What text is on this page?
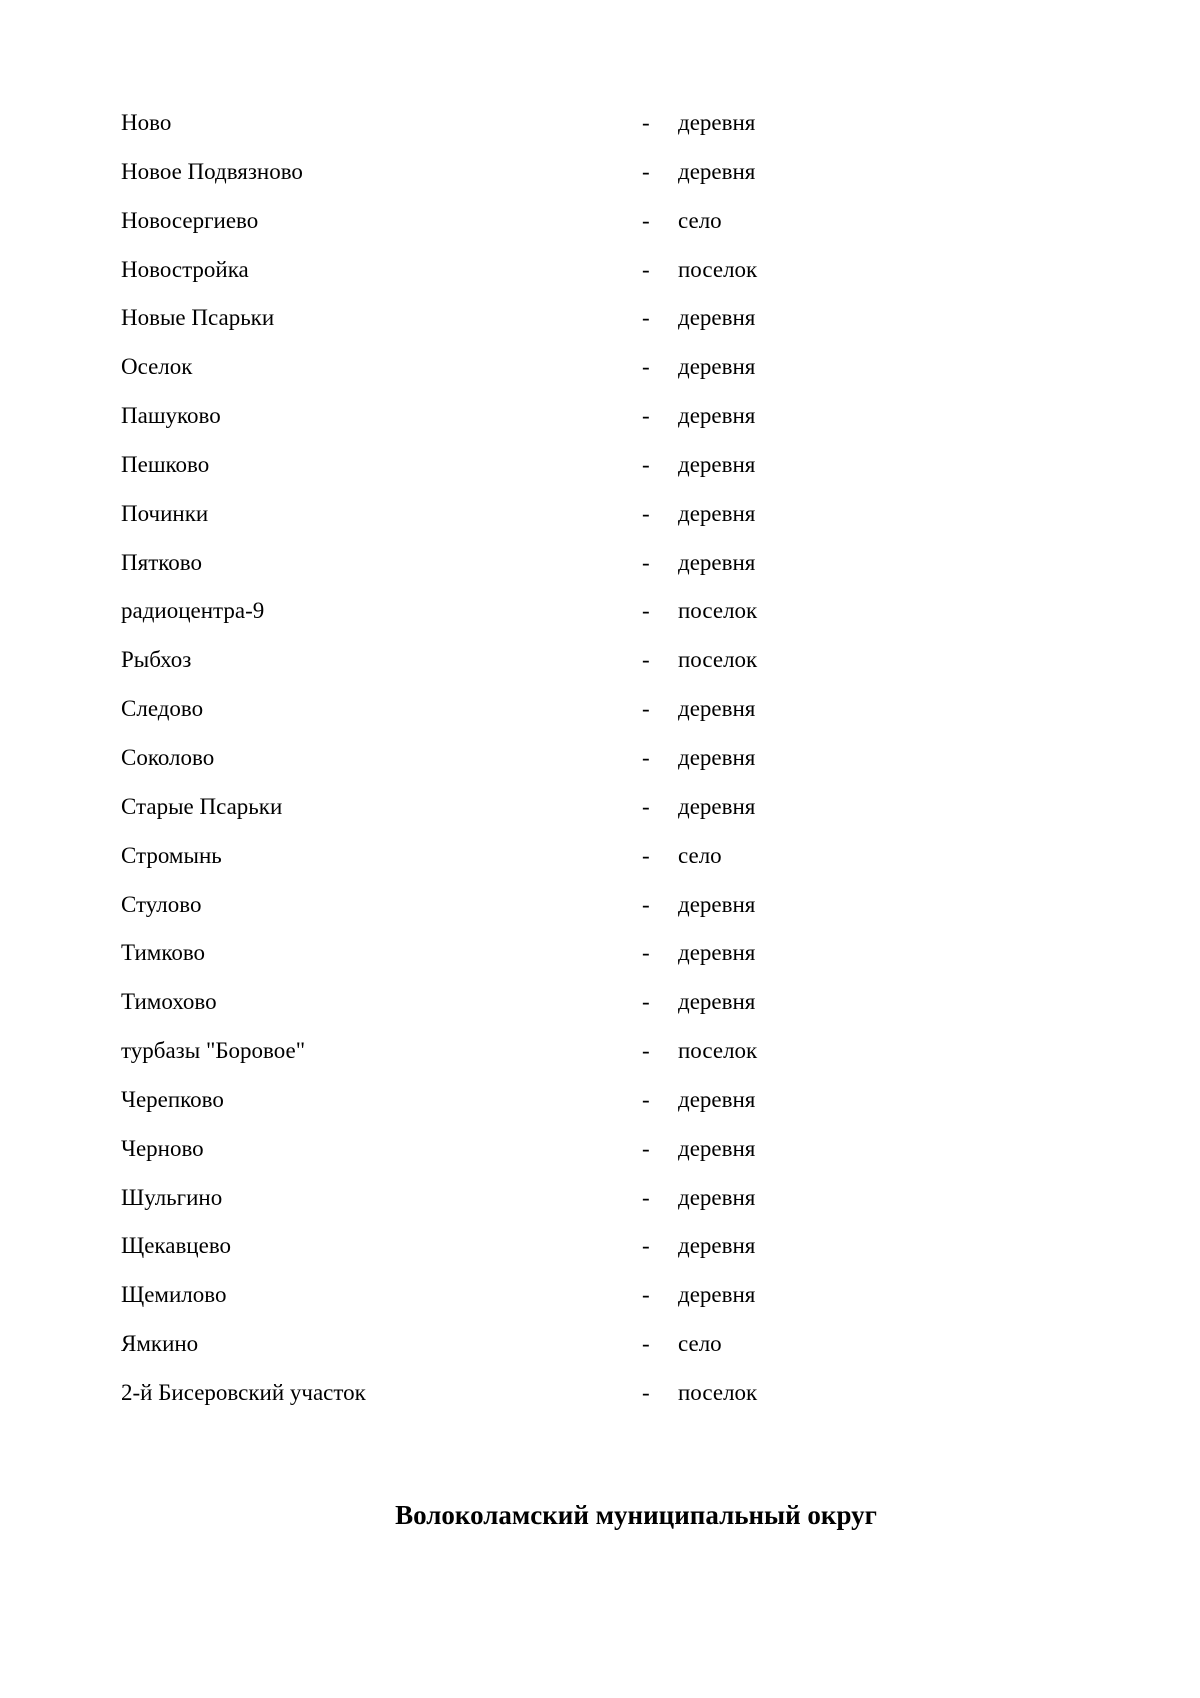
Ново	- деревня
Новое Подвязново	- деревня
Новосергиево	- село
Новостройка	- поселок
Новые Псарьки	- деревня
Оселок	- деревня
Пашуково	- деревня
Пешково	- деревня
Починки	- деревня
Пятково	- деревня
радиоцентра-9	- поселок
Рыбхоз	- поселок
Следово	- деревня
Соколово	- деревня
Старые Псарьки	- деревня
Стромынь	- село
Стулово	- деревня
Тимково	- деревня
Тимохово	- деревня
турбазы "Боровое"	- поселок
Черепково	- деревня
Черново	- деревня
Шульгино	- деревня
Щекавцево	- деревня
Щемилово	- деревня
Ямкино	- село
2-й Бисеровский участок	- поселок
Волоколамский муниципальный округ
